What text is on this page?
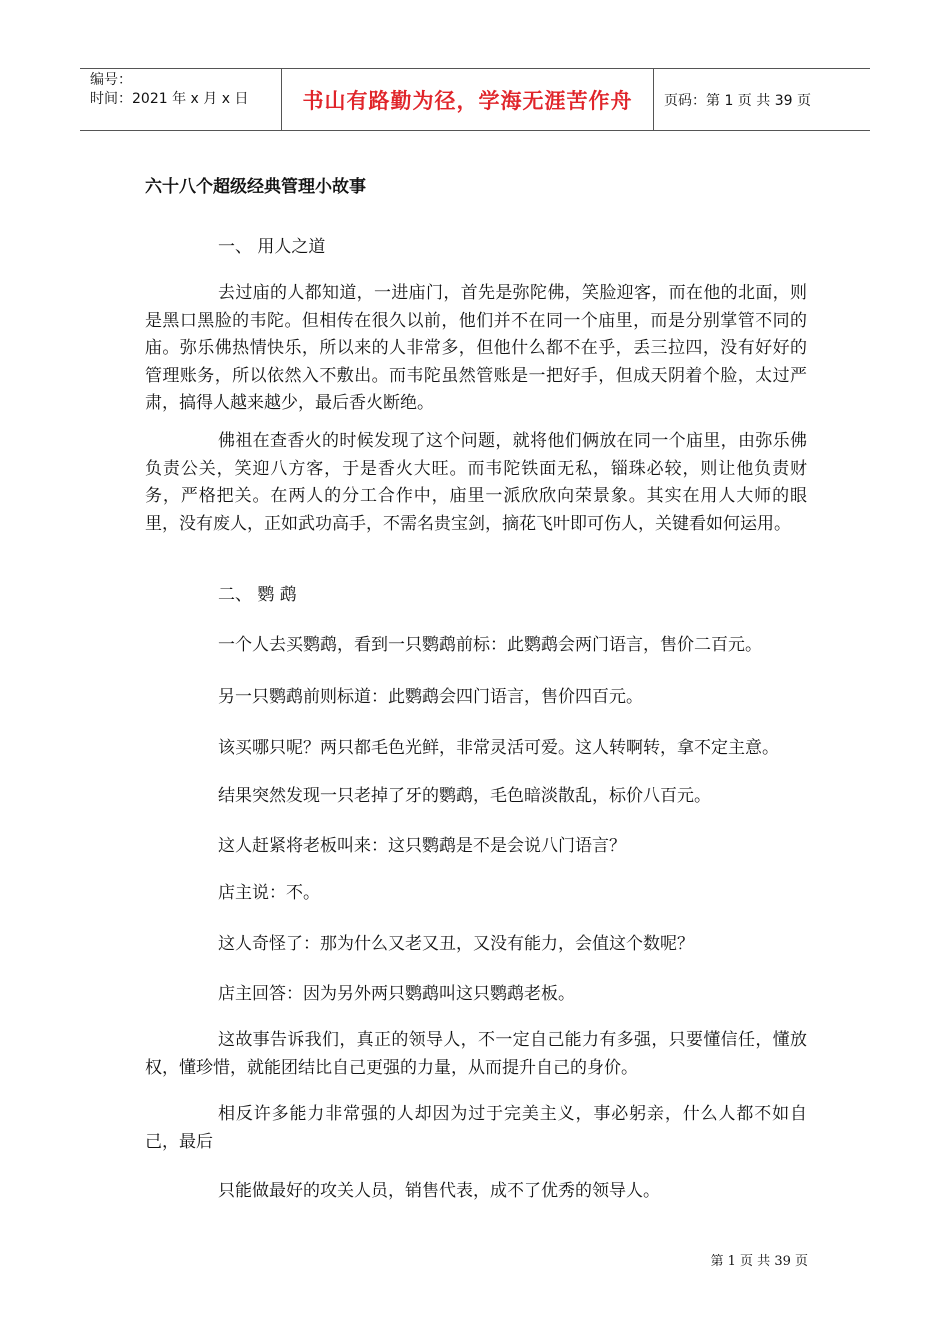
编号：
时间：2021 年 x 月 x 日	书山有路勤为径，学海无涯苦作舟 页码：第 1 页 共 39 页
六十八个超级经典管理小故事
一、 用人之道

去过庙的人都知道，一进庙门，首先是弥陀佛，笑脸迎客，而在他的北面，则是黑口黑脸的韦陀。但相传在很久以前，他们并不在同一个庙里，而是分别掌管不同的庙。弥乐佛热情快乐，所以来的人非常多，但他什么都不在乎，丢三拉四，没有好好的管理账务，所以依然入不敷出。而韦陀虽然管账是一把好手，但成天阴着个脸，太过严肃，搞得人越来越少，最后香火断绝。

佛祖在查香火的时候发现了这个问题，就将他们俩放在同一个庙里，由弥乐佛负责公关，笑迎八方客，于是香火大旺。而韦陀铁面无私，锱珠必较，则让他负责财务，严格把关。在两人的分工合作中，庙里一派欣欣向荣景象。其实在用人大师的眼里，没有废人，正如武功高手，不需名贵宝剑，摘花飞叶即可伤人，关键看如何运用。

二、 鹦 鹉

一个人去买鹦鹉，看到一只鹦鹉前标：此鹦鹉会两门语言，售价二百元。

另一只鹦鹉前则标道：此鹦鹉会四门语言，售价四百元。

该买哪只呢？两只都毛色光鲜，非常灵活可爱。这人转啊转，拿不定主意。

结果突然发现一只老掉了牙的鹦鹉，毛色暗淡散乱，标价八百元。

这人赶紧将老板叫来：这只鹦鹉是不是会说八门语言？

店主说：不。

这人奇怪了：那为什么又老又丑，又没有能力，会值这个数呢？

店主回答：因为另外两只鹦鹉叫这只鹦鹉老板。

这故事告诉我们，真正的领导人，不一定自己能力有多强，只要懂信任，懂放权，懂珍惜，就能团结比自己更强的力量，从而提升自己的身价。

相反许多能力非常强的人却因为过于完美主义，事必躬亲，什么人都不如自己，最后

只能做最好的攻关人员，销售代表，成不了优秀的领导人。

第 1 页 共 39 页
